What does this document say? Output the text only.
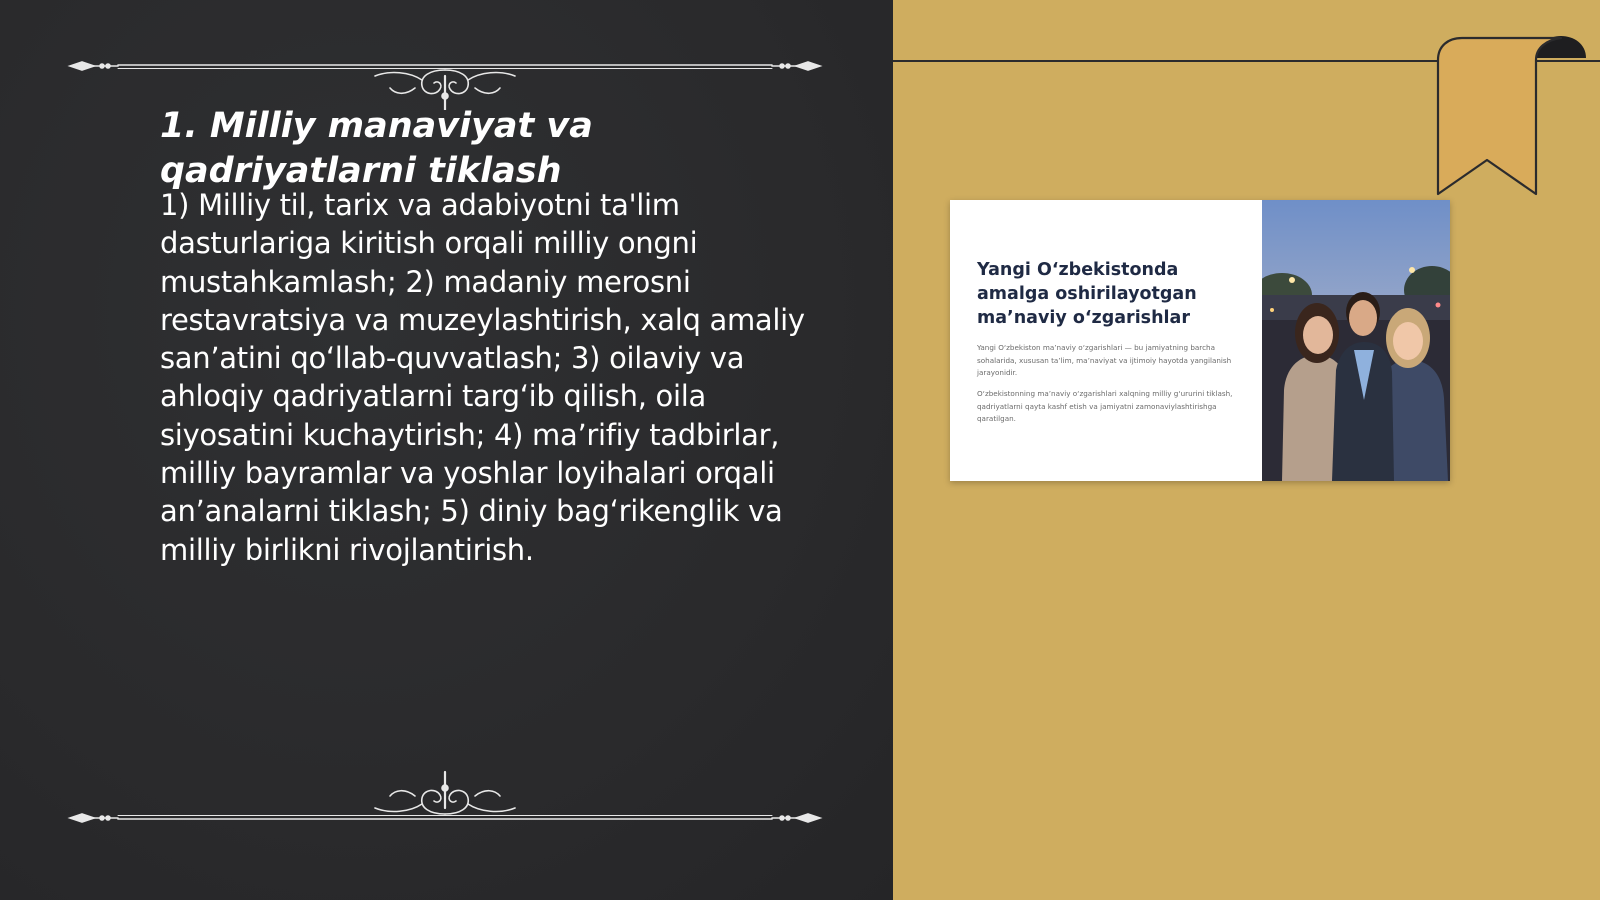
1. Milliy manaviyat va qadriyatlarni tiklash

1) Milliy til, tarix va adabiyotni ta'lim dasturlariga kiritish orqali milliy ongni mustahkamlash; 2) madaniy merosni restavratsiya va muzeylashtirish, xalq amaliy san’atini qo‘llab-quvvatlash; 3) oilaviy va ahloqiy qadriyatlarni targ‘ib qilish, oila siyosatini kuchaytirish; 4) ma’rifiy tadbirlar, milliy bayramlar va yoshlar loyihalari orqali an’analarni tiklash; 5) diniy bag‘rikenglik va milliy birlikni rivojlantirish.

Yangi O‘zbekistonda amalga oshirilayotgan ma’naviy o‘zgarishlar

Yangi O‘zbekiston ma’naviy o‘zgarishlari — bu jamiyatning barcha sohalarida, xususan ta’lim, ma’naviyat va ijtimoiy hayotda yangilanish jarayonidir.

O‘zbekistonning ma’naviy o‘zgarishlari xalqning milliy g‘ururini tiklash, qadriyatlarni qayta kashf etish va jamiyatni zamonaviylashtirishga qaratilgan.
